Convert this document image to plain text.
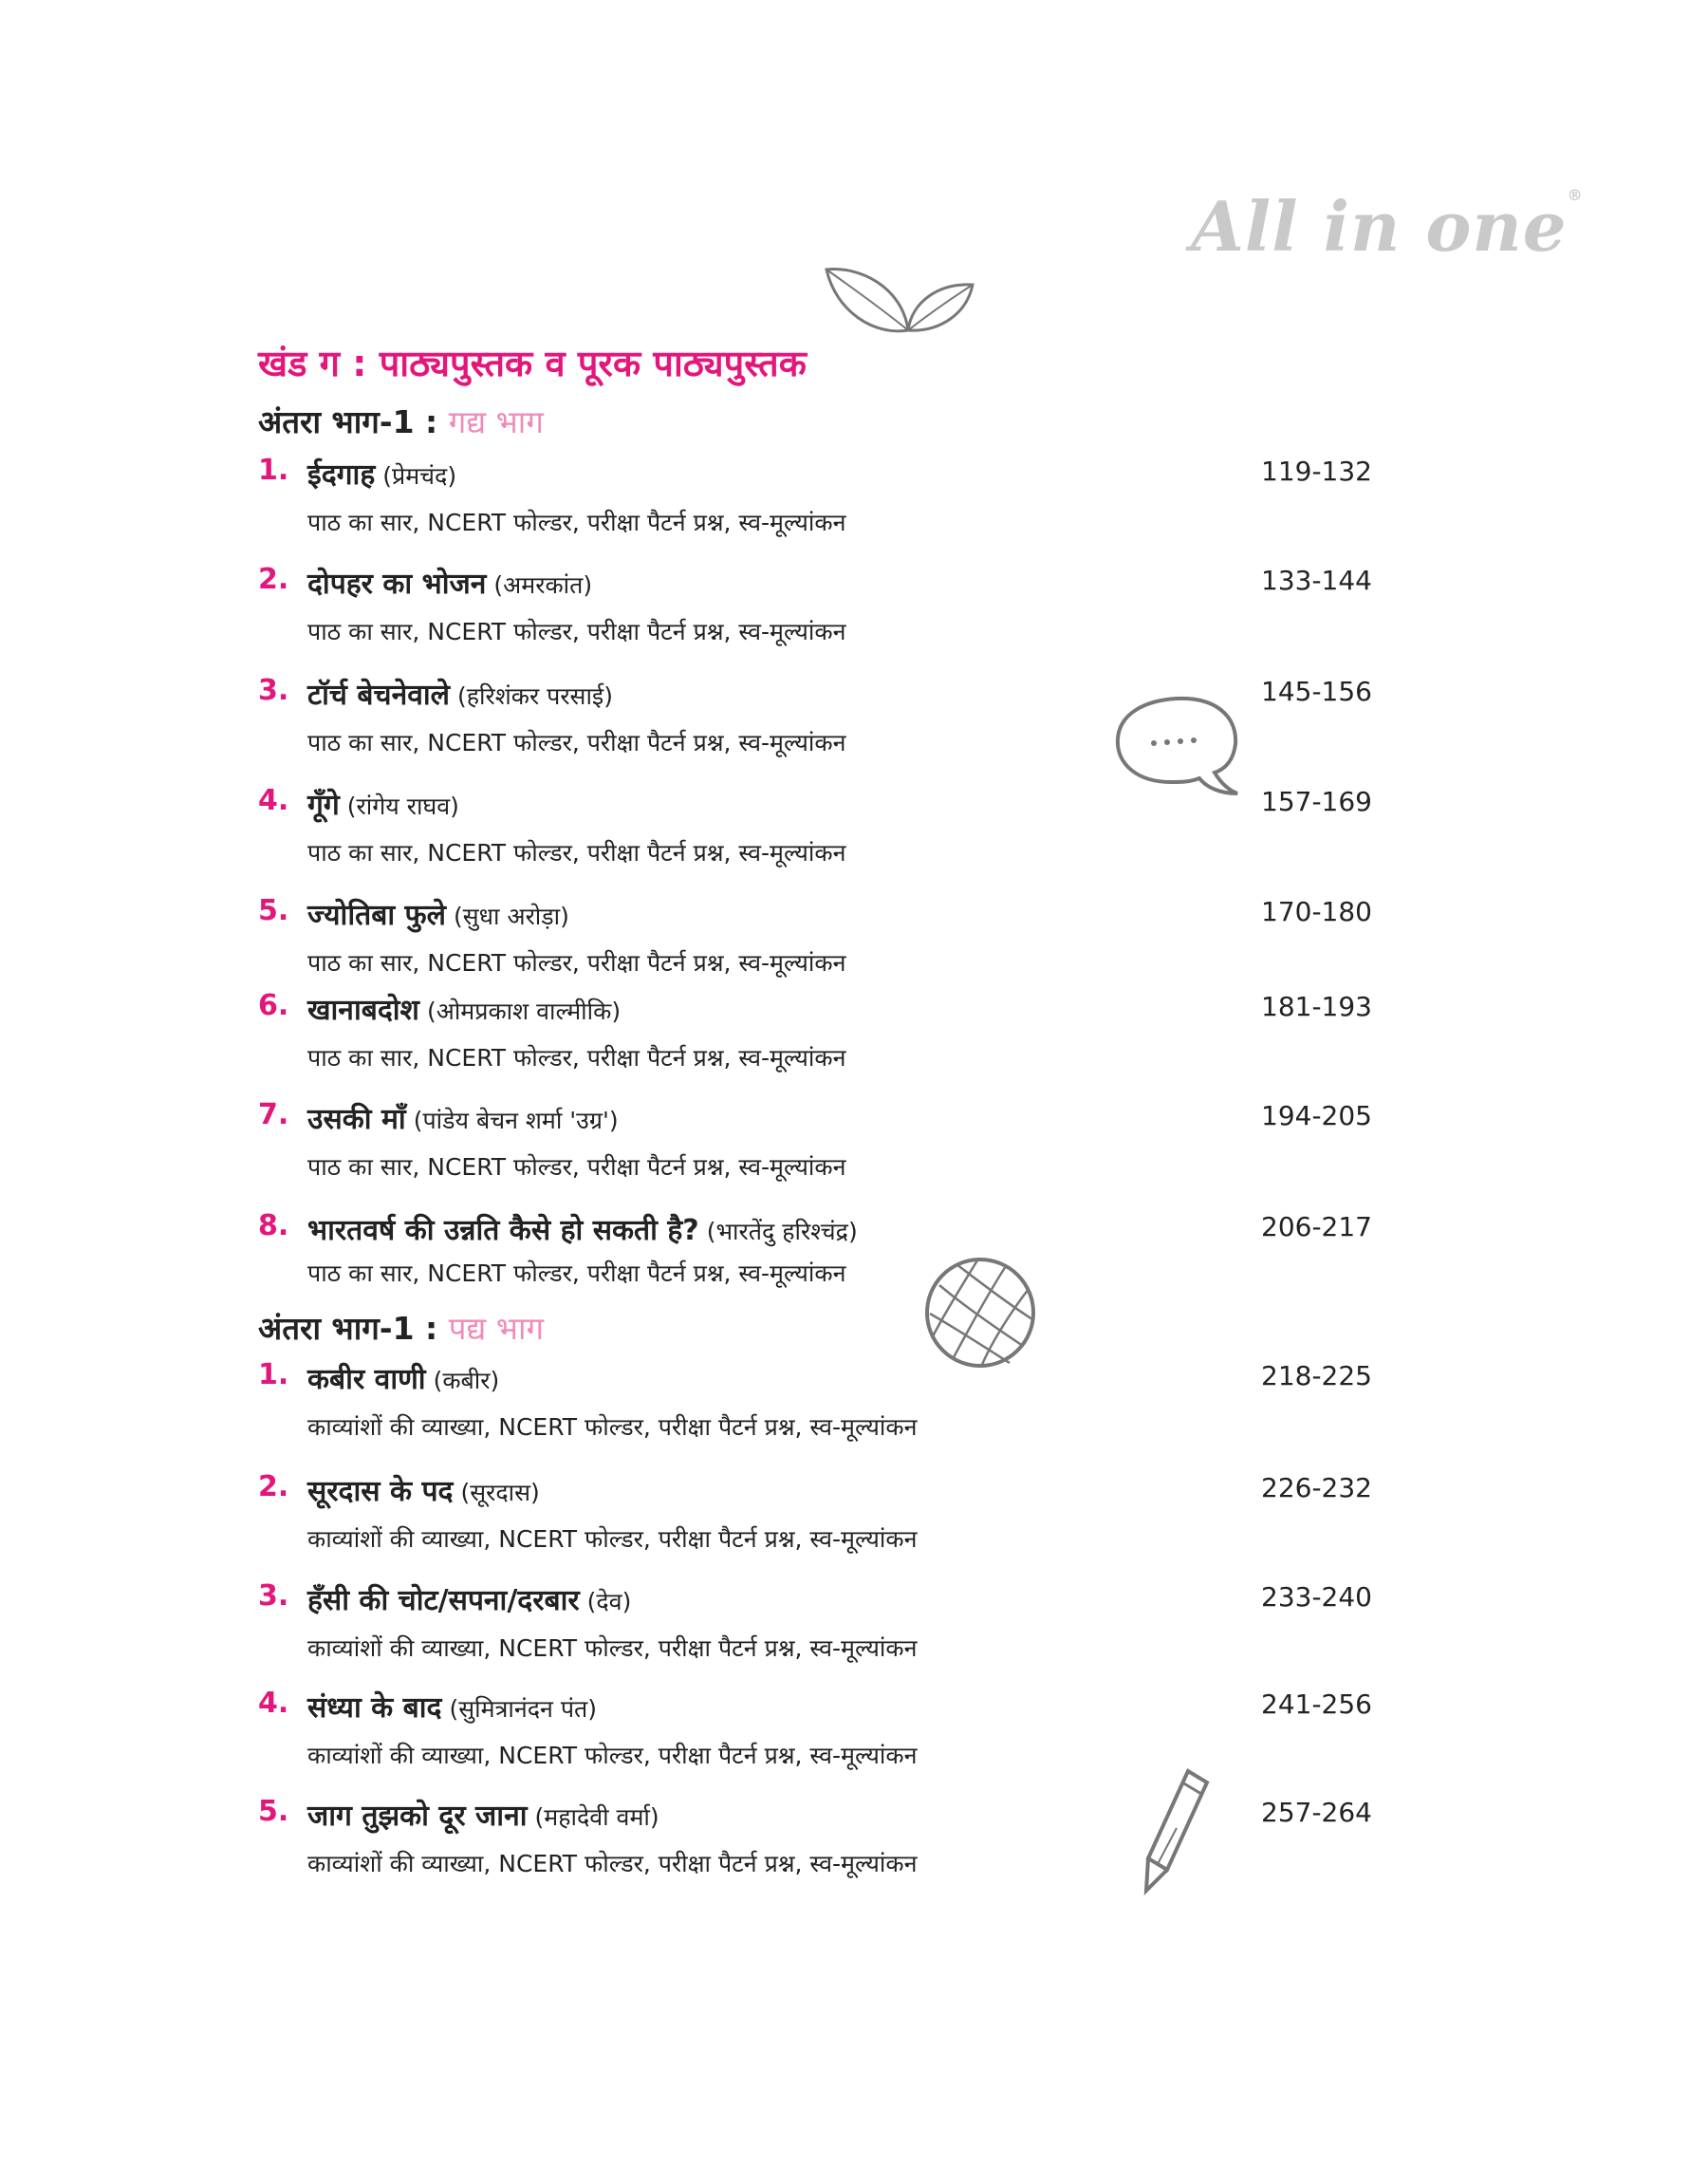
All in one®
खंड ग : पाठ्यपुस्तक व पूरक पाठ्यपुस्तक
अंतरा भाग-1 : गद्य भाग
1. ईदगाह (प्रेमचंद)	119-132
पाठ का सार, NCERT फोल्डर, परीक्षा पैटर्न प्रश्न, स्व-मूल्यांकन
2. दोपहर का भोजन (अमरकांत)	133-144
पाठ का सार, NCERT फोल्डर, परीक्षा पैटर्न प्रश्न, स्व-मूल्यांकन
3. टॉर्च बेचनेवाले (हरिशंकर परसाई)	145-156
पाठ का सार, NCERT फोल्डर, परीक्षा पैटर्न प्रश्न, स्व-मूल्यांकन
4. गूँगे (रांगेय राघव)	157-169
पाठ का सार, NCERT फोल्डर, परीक्षा पैटर्न प्रश्न, स्व-मूल्यांकन
5. ज्योतिबा फुले (सुधा अरोड़ा)	170-180
पाठ का सार, NCERT फोल्डर, परीक्षा पैटर्न प्रश्न, स्व-मूल्यांकन
6. खानाबदोश (ओमप्रकाश वाल्मीकि)	181-193
पाठ का सार, NCERT फोल्डर, परीक्षा पैटर्न प्रश्न, स्व-मूल्यांकन
7. उसकी माँ (पांडेय बेचन शर्मा 'उग्र')	194-205
पाठ का सार, NCERT फोल्डर, परीक्षा पैटर्न प्रश्न, स्व-मूल्यांकन
8. भारतवर्ष की उन्नति कैसे हो सकती है? (भारतेंदु हरिश्चंद्र)	206-217
पाठ का सार, NCERT फोल्डर, परीक्षा पैटर्न प्रश्न, स्व-मूल्यांकन
अंतरा भाग-1 : पद्य भाग
1. कबीर वाणी (कबीर)	218-225
काव्यांशों की व्याख्या, NCERT फोल्डर, परीक्षा पैटर्न प्रश्न, स्व-मूल्यांकन
2. सूरदास के पद (सूरदास)	226-232
काव्यांशों की व्याख्या, NCERT फोल्डर, परीक्षा पैटर्न प्रश्न, स्व-मूल्यांकन
3. हँसी की चोट/सपना/दरबार (देव)	233-240
काव्यांशों की व्याख्या, NCERT फोल्डर, परीक्षा पैटर्न प्रश्न, स्व-मूल्यांकन
4. संध्या के बाद (सुमित्रानंदन पंत)	241-256
काव्यांशों की व्याख्या, NCERT फोल्डर, परीक्षा पैटर्न प्रश्न, स्व-मूल्यांकन
5. जाग तुझको दूर जाना (महादेवी वर्मा)	257-264
काव्यांशों की व्याख्या, NCERT फोल्डर, परीक्षा पैटर्न प्रश्न, स्व-मूल्यांकन
